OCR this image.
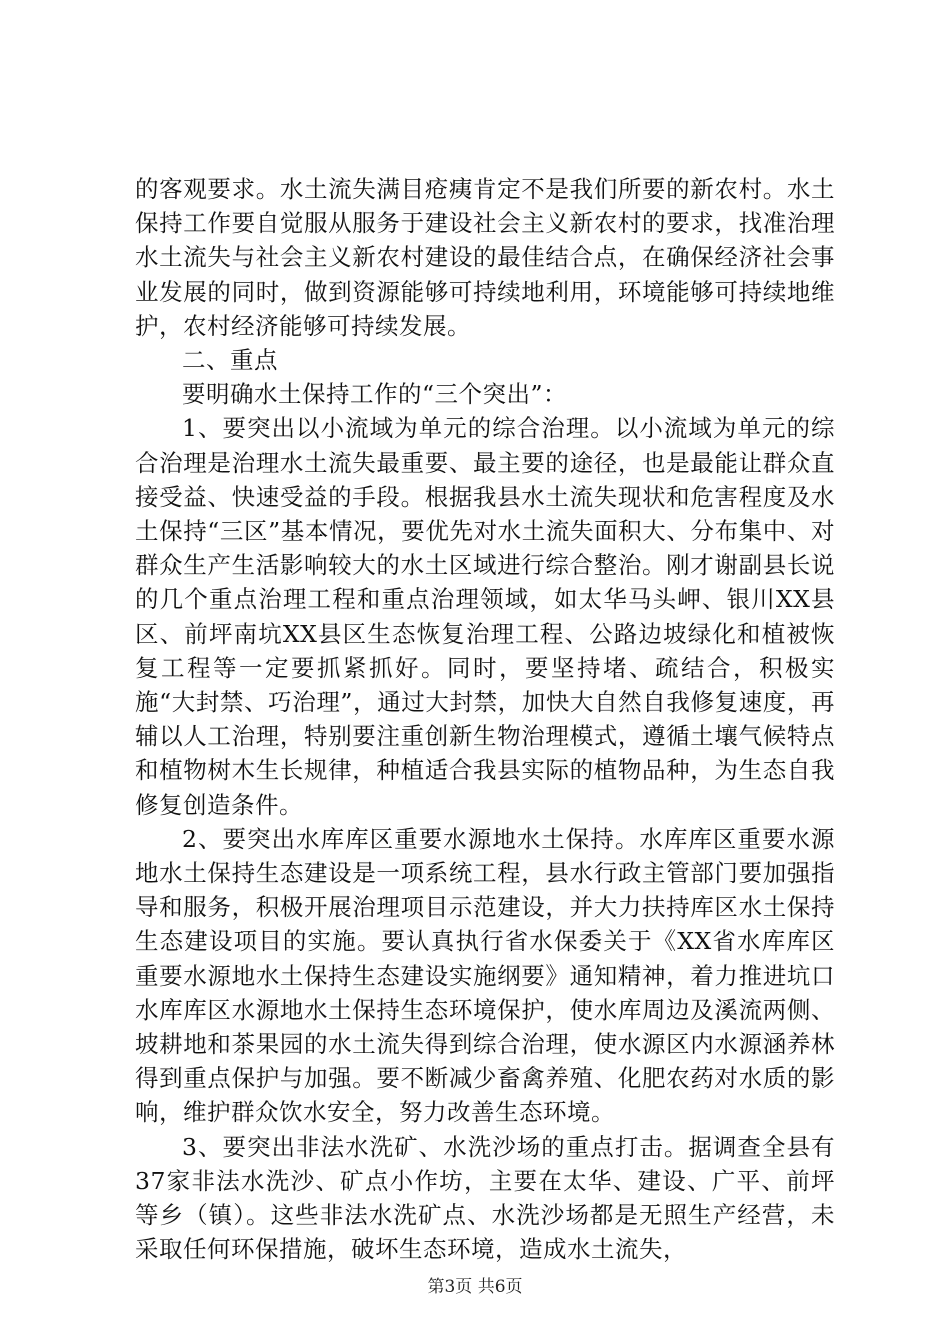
的客观要求。水土流失满目疮痍肯定不是我们所要的新农村。水土保持工作要自觉服从服务于建设社会主义新农村的要求，找准治理水土流失与社会主义新农村建设的最佳结合点，在确保经济社会事业发展的同时，做到资源能够可持续地利用，环境能够可持续地维护，农村经济能够可持续发展。

二、重点

要明确水土保持工作的“三个突出”：

1、要突出以小流域为单元的综合治理。以小流域为单元的综合治理是治理水土流失最重要、最主要的途径，也是最能让群众直接受益、快速受益的手段。根据我县水土流失现状和危害程度及水土保持“三区”基本情况，要优先对水土流失面积大、分布集中、对群众生产生活影响较大的水土区域进行综合整治。刚才谢副县长说的几个重点治理工程和重点治理领域，如太华马头岬、银川XX县区、前坪南坑XX县区生态恢复治理工程、公路边坡绿化和植被恢复工程等一定要抓紧抓好。同时，要坚持堵、疏结合，积极实施“大封禁、巧治理”，通过大封禁，加快大自然自我修复速度，再辅以人工治理，特别要注重创新生物治理模式，遵循土壤气候特点和植物树木生长规律，种植适合我县实际的植物品种，为生态自我修复创造条件。

2、要突出水库库区重要水源地水土保持。水库库区重要水源地水土保持生态建设是一项系统工程，县水行政主管部门要加强指导和服务，积极开展治理项目示范建设，并大力扶持库区水土保持生态建设项目的实施。要认真执行省水保委关于《XX省水库库区重要水源地水土保持生态建设实施纲要》通知精神，着力推进坑口水库库区水源地水土保持生态环境保护，使水库周边及溪流两侧、坡耕地和茶果园的水土流失得到综合治理，使水源区内水源涵养林得到重点保护与加强。要不断减少畜禽养殖、化肥农药对水质的影响，维护群众饮水安全，努力改善生态环境。

3、要突出非法水洗矿、水洗沙场的重点打击。据调查全县有37家非法水洗沙、矿点小作坊，主要在太华、建设、广平、前坪等乡（镇）。这些非法水洗矿点、水洗沙场都是无照生产经营，未采取任何环保措施，破坏生态环境，造成水土流失，

第3页 共6页
